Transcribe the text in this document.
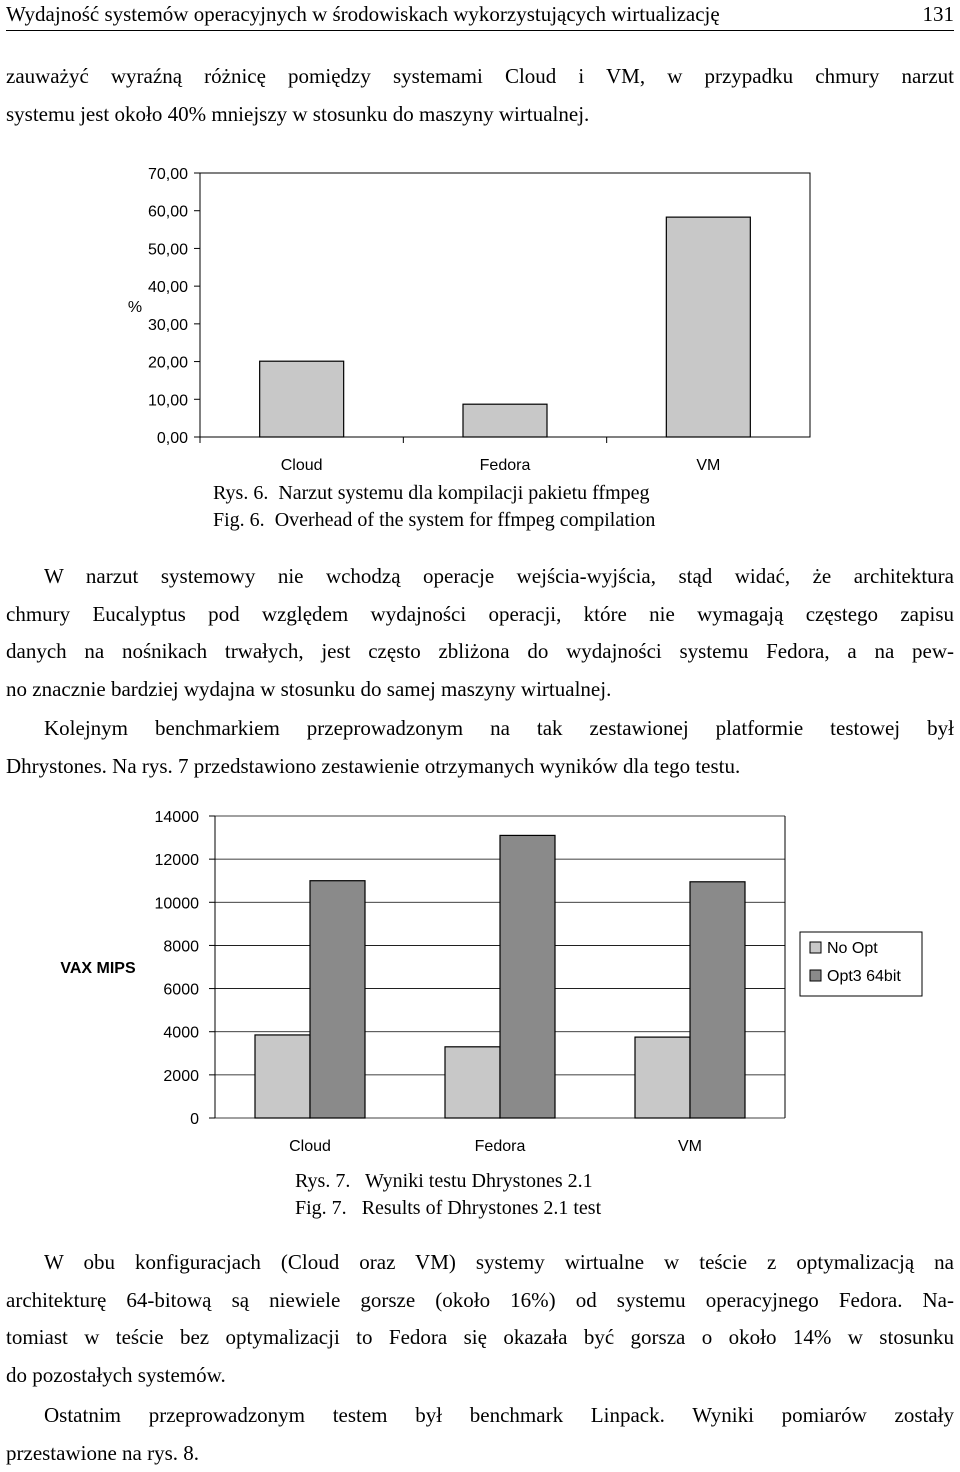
Wydajność systemów operacyjnych w środowiskach wykorzystujących wirtualizację	131
zauważyć wyraźną różnicę pomiędzy systemami Cloud i VM, w przypadku chmury narzut
systemu jest około 40% mniejszy w stosunku do maszyny wirtualnej.
0,00
10,00
20,00
30,00
40,00
50,00
60,00
70,00
%
Cloud	Fedora	VM
Rys. 6. Narzut systemu dla kompilacji pakietu ffmpeg
Fig. 6. Overhead of the system for ffmpeg compilation
W narzut systemowy nie wchodzą operacje wejścia-wyjścia, stąd widać, że architektura
chmury Eucalyptus pod względem wydajności operacji, które nie wymagają częstego zapisu
danych na nośnikach trwałych, jest często zbliżona do wydajności systemu Fedora, a na pew-
no znacznie bardziej wydajna w stosunku do samej maszyny wirtualnej.
Kolejnym benchmarkiem przeprowadzonym na tak zestawionej platformie testowej był
Dhrystones. Na rys. 7 przedstawiono zestawienie otrzymanych wyników dla tego testu.
0
2000
4000
6000
8000
10000
12000
14000
VAX MIPS
Cloud	Fedora	VM
No Opt
Opt3 64bit
Rys. 7. Wyniki testu Dhrystones 2.1
Fig. 7. Results of Dhrystones 2.1 test
W obu konfiguracjach (Cloud oraz VM) systemy wirtualne w teście z optymalizacją na
architekturę 64-bitową są niewiele gorsze (około 16%) od systemu operacyjnego Fedora. Na-
tomiast w teście bez optymalizacji to Fedora się okazała być gorsza o około 14% w stosunku
do pozostałych systemów.
Ostatnim przeprowadzonym testem był benchmark Linpack. Wyniki pomiarów zostały
przestawione na rys. 8.
